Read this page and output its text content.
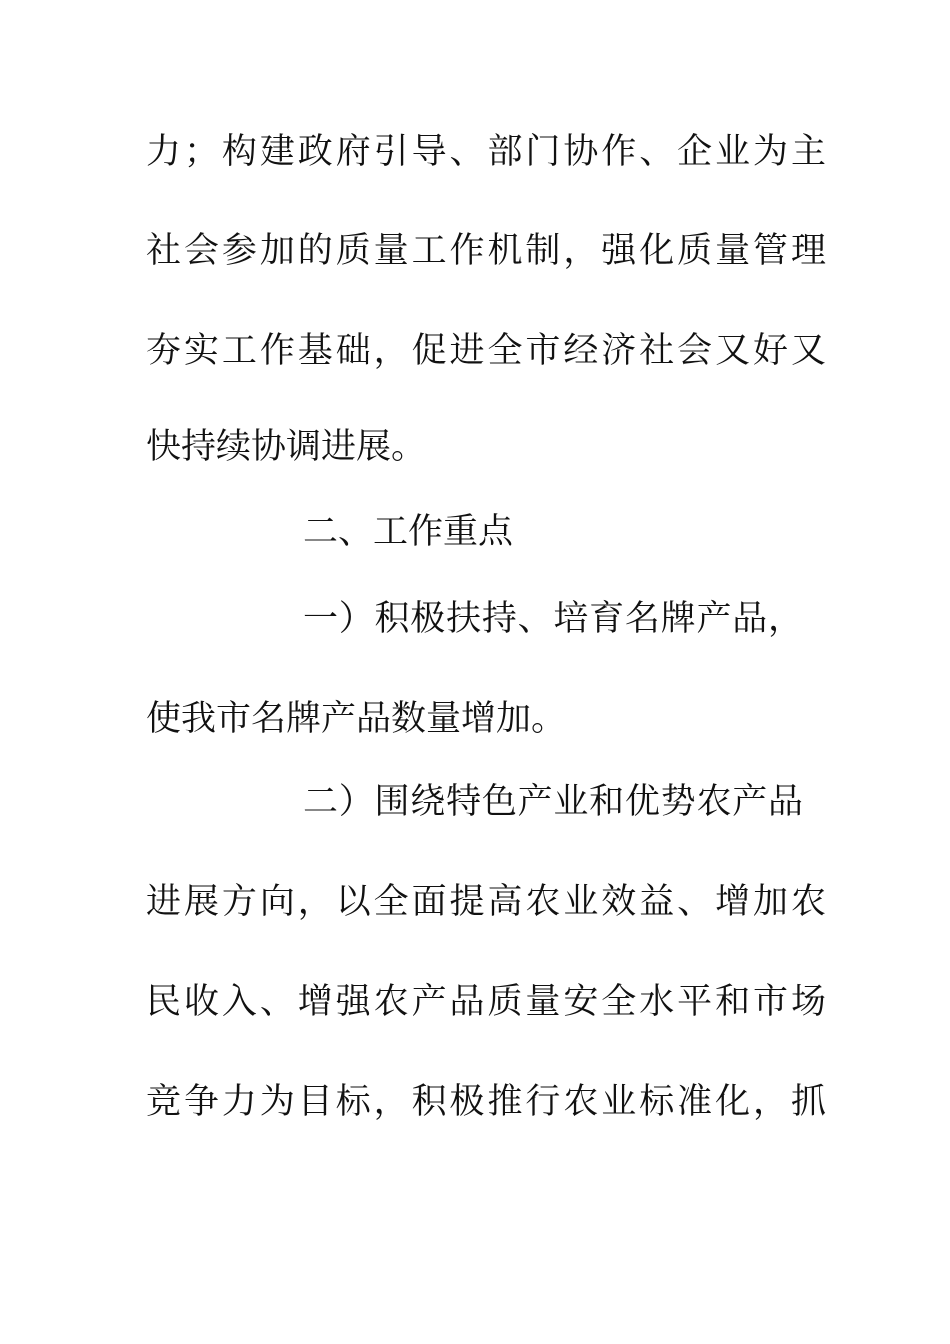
力；构建政府引导、部门协作、企业为主
社会参加的质量工作机制，强化质量管理
夯实工作基础，促进全市经济社会又好又
快持续协调进展。
二、工作重点
一）积极扶持、培育名牌产品，
使我市名牌产品数量增加。
二）围绕特色产业和优势农产品
进展方向，以全面提高农业效益、增加农
民收入、增强农产品质量安全水平和市场
竞争力为目标，积极推行农业标准化，抓
